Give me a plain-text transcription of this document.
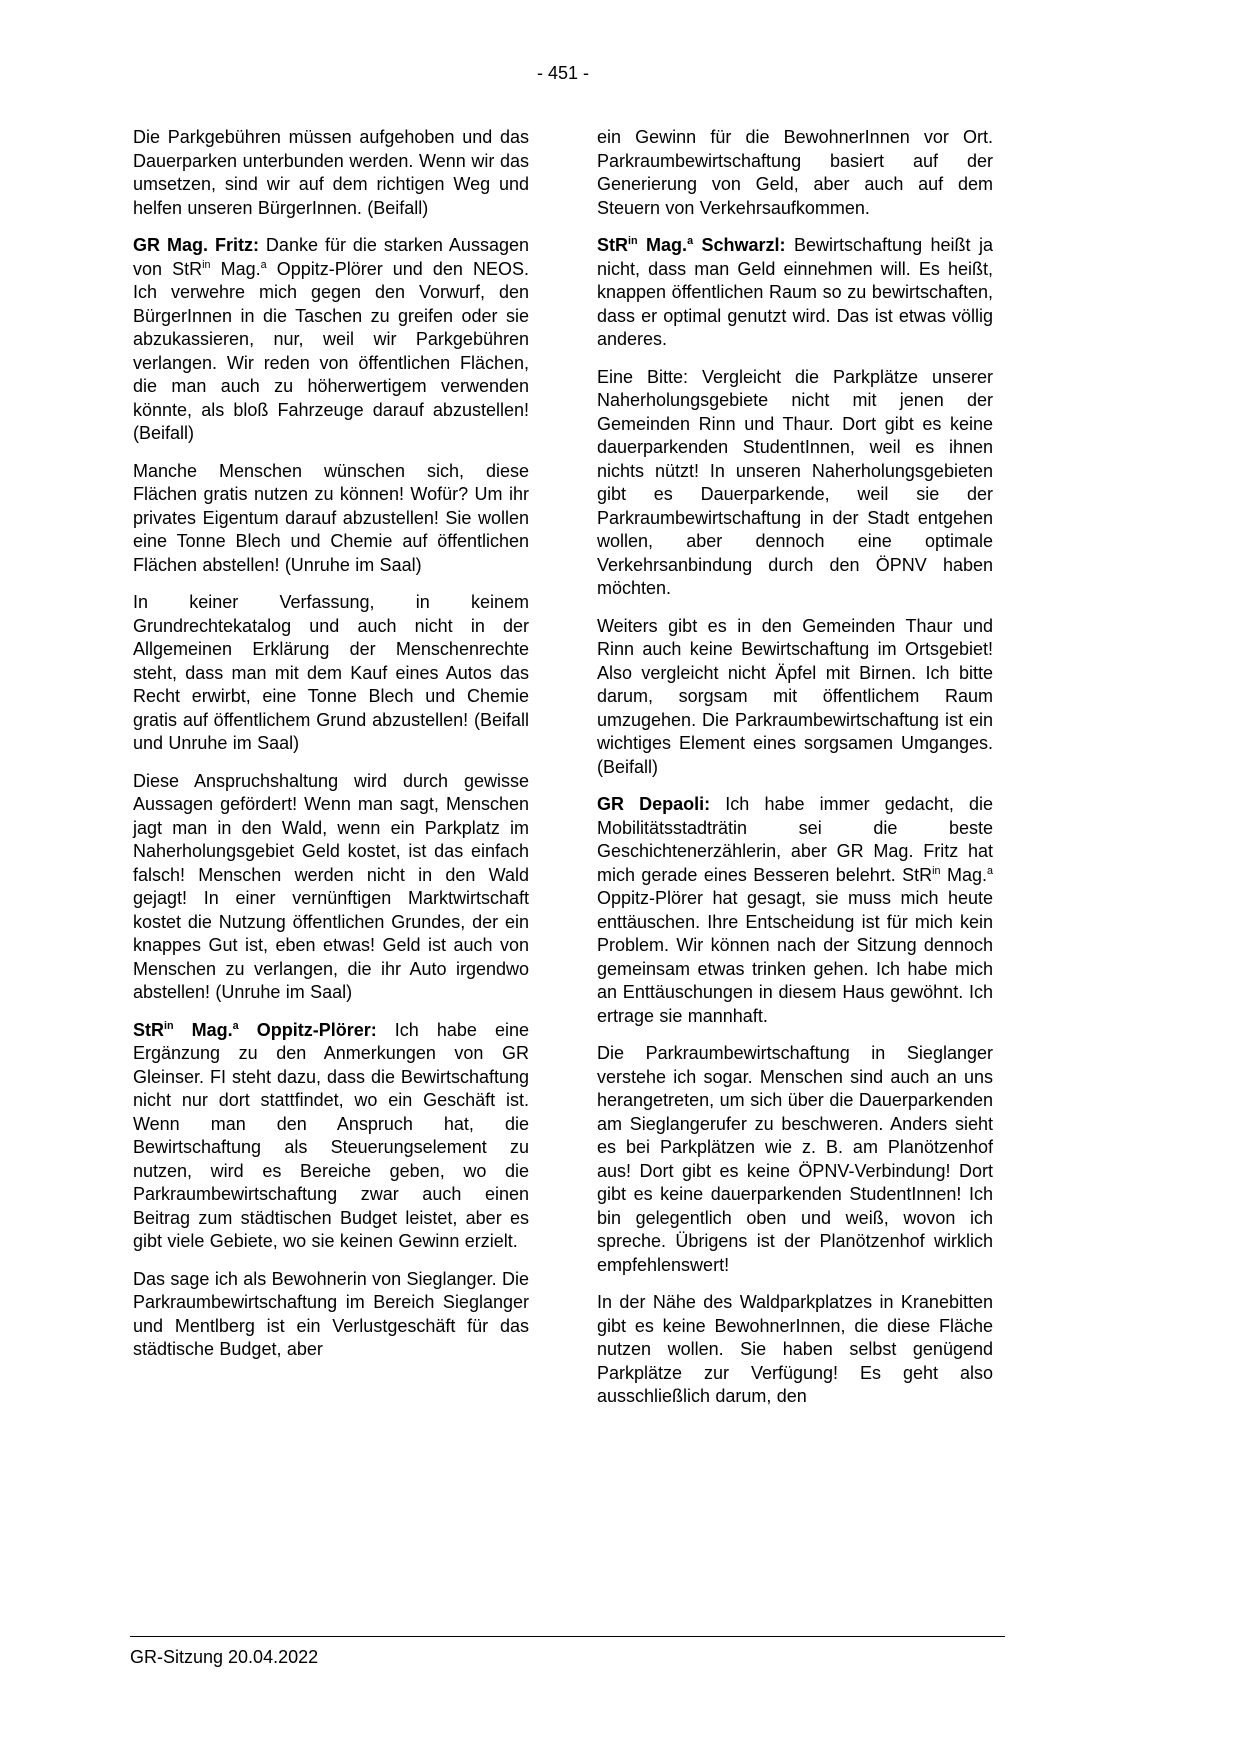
- 451 -

Die Parkgebühren müssen aufgehoben und das Dauerparken unterbunden werden. Wenn wir das umsetzen, sind wir auf dem richtigen Weg und helfen unseren BürgerInnen. (Beifall)

GR Mag. Fritz: Danke für die starken Aussagen von StR$^{in}$ Mag.$^a$ Oppitz-Plörer und den NEOS. Ich verwehre mich gegen den Vorwurf, den BürgerInnen in die Taschen zu greifen oder sie abzukassieren, nur, weil wir Parkgebühren verlangen. Wir reden von öffentlichen Flächen, die man auch zu höherwertigem verwenden könnte, als bloß Fahrzeuge darauf abzustellen! (Beifall)

Manche Menschen wünschen sich, diese Flächen gratis nutzen zu können! Wofür? Um ihr privates Eigentum darauf abzustellen! Sie wollen eine Tonne Blech und Chemie auf öffentlichen Flächen abstellen! (Unruhe im Saal)

In keiner Verfassung, in keinem Grundrechtekatalog und auch nicht in der Allgemeinen Erklärung der Menschenrechte steht, dass man mit dem Kauf eines Autos das Recht erwirbt, eine Tonne Blech und Chemie gratis auf öffentlichem Grund abzustellen! (Beifall und Unruhe im Saal)

Diese Anspruchshaltung wird durch gewisse Aussagen gefördert! Wenn man sagt, Menschen jagt man in den Wald, wenn ein Parkplatz im Naherholungsgebiet Geld kostet, ist das einfach falsch! Menschen werden nicht in den Wald gejagt! In einer vernünftigen Marktwirtschaft kostet die Nutzung öffentlichen Grundes, der ein knappes Gut ist, eben etwas! Geld ist auch von Menschen zu verlangen, die ihr Auto irgendwo abstellen! (Unruhe im Saal)

StR$^{in}$ Mag.$^a$ Oppitz-Plörer: Ich habe eine Ergänzung zu den Anmerkungen von GR Gleinser. FI steht dazu, dass die Bewirtschaftung nicht nur dort stattfindet, wo ein Geschäft ist. Wenn man den Anspruch hat, die Bewirtschaftung als Steuerungselement zu nutzen, wird es Bereiche geben, wo die Parkraumbewirtschaftung zwar auch einen Beitrag zum städtischen Budget leistet, aber es gibt viele Gebiete, wo sie keinen Gewinn erzielt.

Das sage ich als Bewohnerin von Sieglanger. Die Parkraumbewirtschaftung im Bereich Sieglanger und Mentlberg ist ein Verlustgeschäft für das städtische Budget, aber

ein Gewinn für die BewohnerInnen vor Ort. Parkraumbewirtschaftung basiert auf der Generierung von Geld, aber auch auf dem Steuern von Verkehrsaufkommen.

StR$^{in}$ Mag.$^a$ Schwarzl: Bewirtschaftung heißt ja nicht, dass man Geld einnehmen will. Es heißt, knappen öffentlichen Raum so zu bewirtschaften, dass er optimal genutzt wird. Das ist etwas völlig anderes.

Eine Bitte: Vergleicht die Parkplätze unserer Naherholungsgebiete nicht mit jenen der Gemeinden Rinn und Thaur. Dort gibt es keine dauerparkenden StudentInnen, weil es ihnen nichts nützt! In unseren Naherholungsgebieten gibt es Dauerparkende, weil sie der Parkraumbewirtschaftung in der Stadt entgehen wollen, aber dennoch eine optimale Verkehrsanbindung durch den ÖPNV haben möchten.

Weiters gibt es in den Gemeinden Thaur und Rinn auch keine Bewirtschaftung im Ortsgebiet! Also vergleicht nicht Äpfel mit Birnen. Ich bitte darum, sorgsam mit öffentlichem Raum umzugehen. Die Parkraumbewirtschaftung ist ein wichtiges Element eines sorgsamen Umganges. (Beifall)

GR Depaoli: Ich habe immer gedacht, die Mobilitätsstadträtin sei die beste Geschichtenerzählerin, aber GR Mag. Fritz hat mich gerade eines Besseren belehrt. StR$^{in}$ Mag.$^a$ Oppitz-Plörer hat gesagt, sie muss mich heute enttäuschen. Ihre Entscheidung ist für mich kein Problem. Wir können nach der Sitzung dennoch gemeinsam etwas trinken gehen. Ich habe mich an Enttäuschungen in diesem Haus gewöhnt. Ich ertrage sie mannhaft.

Die Parkraumbewirtschaftung in Sieglanger verstehe ich sogar. Menschen sind auch an uns herangetreten, um sich über die Dauerparkenden am Sieglangerufer zu beschweren. Anders sieht es bei Parkplätzen wie z. B. am Planötzenhof aus! Dort gibt es keine ÖPNV-Verbindung! Dort gibt es keine dauerparkenden StudentInnen! Ich bin gelegentlich oben und weiß, wovon ich spreche. Übrigens ist der Planötzenhof wirklich empfehlenswert!

In der Nähe des Waldparkplatzes in Kranebitten gibt es keine BewohnerInnen, die diese Fläche nutzen wollen. Sie haben selbst genügend Parkplätze zur Verfügung! Es geht also ausschließlich darum, den

GR-Sitzung 20.04.2022
